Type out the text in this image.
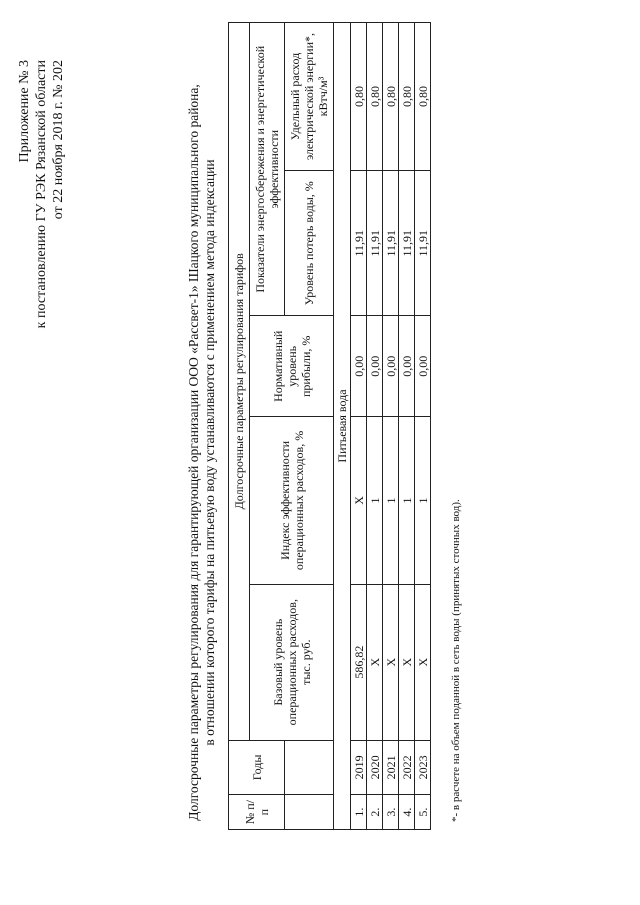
Приложение № 3 к постановлению ГУ РЭК Рязанской области от 22 ноября 2018 г. № 202	Долгосрочные параметры регулирования для гарантирующей организации ООО «Рассвет-1» Шацкого муниципального района, в отношении которого тарифы на питьевую воду устанавливаются с применением метода индексации
№ п/п	Годы	Долгосрочные параметры регулирования тарифов				
		Базовый уровень операционных расходов, тыс. руб.	Индекс эффективности операционных расходов, %	Нормативный уровень прибыли, %	Показатели энергосбережения и энергетической эффективности	
					Уровень потерь воды, %	Удельный расход электрической энергии*, кВтч/м³
Питьевая вода						
1.	2019	586,82	X	0,00	11,91	0,80
2.	2020	X	1	0,00	11,91	0,80
3.	2021	X	1	0,00	11,91	0,80
4.	2022	X	1	0,00	11,91	0,80
5.	2023	X	1	0,00	11,91	0,80
*- в расчете на объем поданной в сеть воды (принятых сточных вод).
